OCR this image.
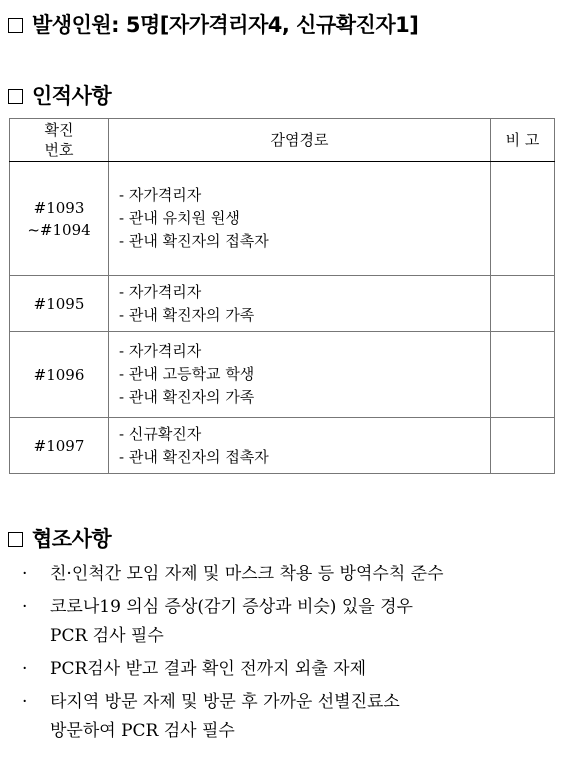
발생인원: 5명[자가격리자4, 신규확진자1]
인적사항
확진
번호	감염경로	비 고

#1093
~#1094	- 자가격리자
- 관내 유치원 원생
- 관내 확진자의 접촉자	

#1095	- 자가격리자
- 관내 확진자의 가족	

#1096	- 자가격리자
- 관내 고등학교 학생
- 관내 확진자의 가족	

#1097	- 신규확진자
- 관내 확진자의 접촉자	

협조사항
· 친·인척간 모임 자제 및 마스크 착용 등 방역수칙 준수
· 코로나19 의심 증상(감기 증상과 비슷) 있을 경우
PCR 검사 필수
· PCR검사 받고 결과 확인 전까지 외출 자제
· 타지역 방문 자제 및 방문 후 가까운 선별진료소
방문하여 PCR 검사 필수
